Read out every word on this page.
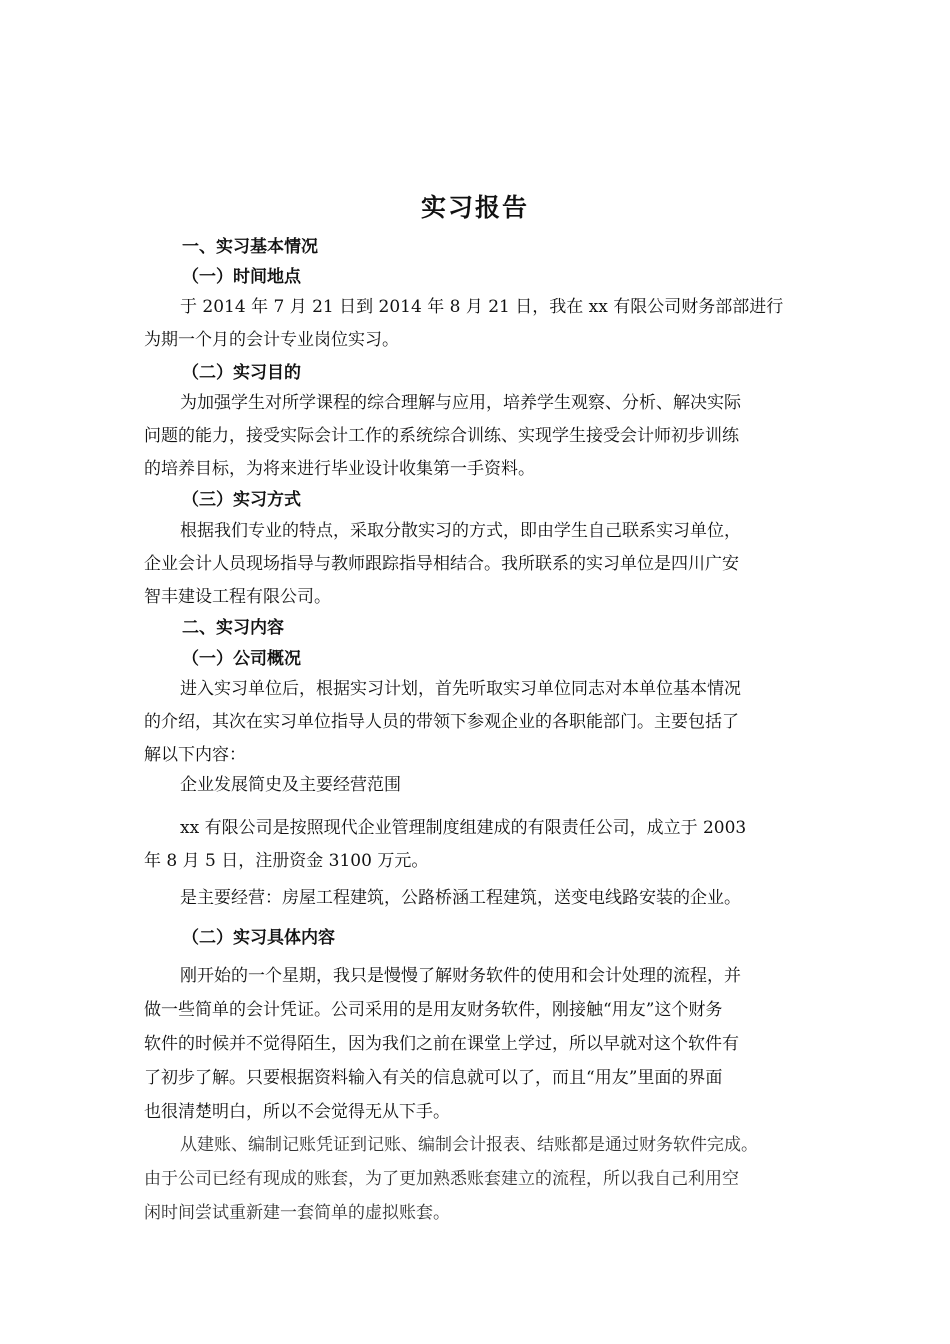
实习报告
一、实习基本情况
（一）时间地点
于 2014 年 7 月 21 日到 2014 年 8 月 21 日，我在 xx 有限公司财务部部进行
为期一个月的会计专业岗位实习。
（二）实习目的
为加强学生对所学课程的综合理解与应用，培养学生观察、分析、解决实际
问题的能力，接受实际会计工作的系统综合训练、实现学生接受会计师初步训练
的培养目标，为将来进行毕业设计收集第一手资料。
（三）实习方式
根据我们专业的特点，采取分散实习的方式，即由学生自己联系实习单位，
企业会计人员现场指导与教师跟踪指导相结合。我所联系的实习单位是四川广安
智丰建设工程有限公司。
二、实习内容
（一）公司概况
进入实习单位后，根据实习计划，首先听取实习单位同志对本单位基本情况
的介绍，其次在实习单位指导人员的带领下参观企业的各职能部门。主要包括了
解以下内容：
企业发展简史及主要经营范围
xx 有限公司是按照现代企业管理制度组建成的有限责任公司，成立于 2003
年 8 月 5 日，注册资金 3100 万元。
是主要经营：房屋工程建筑，公路桥涵工程建筑，送变电线路安装的企业。
（二）实习具体内容
刚开始的一个星期，我只是慢慢了解财务软件的使用和会计处理的流程，并
做一些简单的会计凭证。公司采用的是用友财务软件，刚接触“用友”这个财务
软件的时候并不觉得陌生，因为我们之前在课堂上学过，所以早就对这个软件有
了初步了解。只要根据资料输入有关的信息就可以了，而且“用友”里面的界面
也很清楚明白，所以不会觉得无从下手。
从建账、编制记账凭证到记账、编制会计报表、结账都是通过财务软件完成。
由于公司已经有现成的账套，为了更加熟悉账套建立的流程，所以我自己利用空
闲时间尝试重新建一套简单的虚拟账套。
